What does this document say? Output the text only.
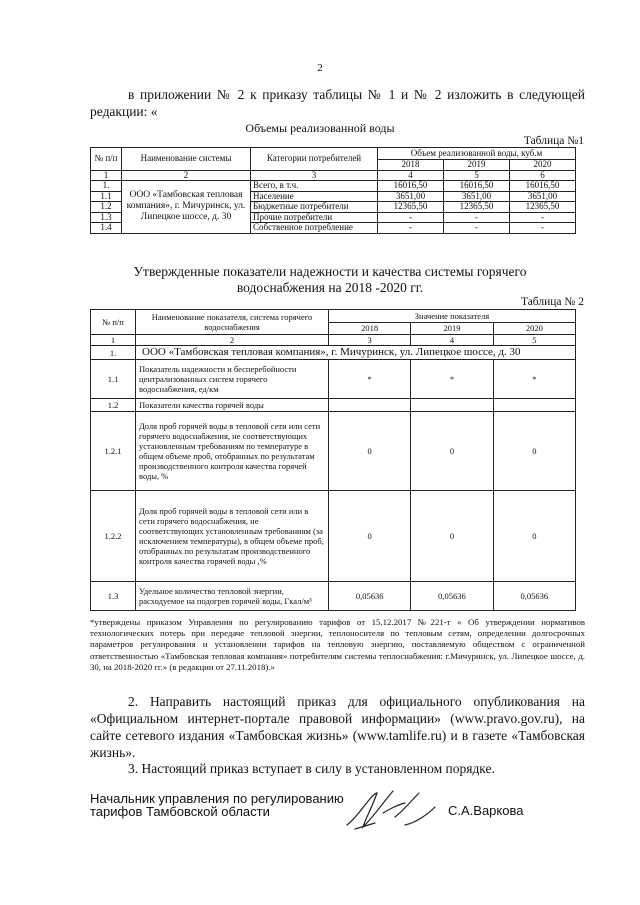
2
в приложении № 2 к приказу таблицы № 1 и № 2 изложить в следующей редакции: «
Объемы реализованной воды
Таблица №1
№ п/п	Наименование системы	Категории потребителей	Объем реализованной воды, куб.м		
			2018	2019	2020
1	2	3	4	5	6
1.	ООО «Тамбовская тепловая компания», г. Мичуринск, ул. Липецкое шоссе, д. 30	Всего, в т.ч.	16016,50	16016,50	16016,50
1.1		Население	3651,00	3651,00	3651,00
1.2		Бюджетные потребители	12365,50	12365,50	12365,50
1.3		Прочие потребители	-	-	-
1.4		Собственное потребление	-	-	-
Утвержденные показатели надежности и качества системы горячего водоснабжения на 2018 -2020 гг.
Таблица № 2
№ п/п	Наименование показателя, система горячего водоснабжения	Значение показателя		
		2018	2019	2020
1	2	3	4	5
1.	ООО «Тамбовская тепловая компания», г. Мичуринск, ул. Липецкое шоссе, д. 30			
1.1	Показатель надежности и бесперебойности централизованных систем горячего водоснабжения, ед/км	*	*	*
1.2	Показатели качества горячей воды			
1.2.1	Доля проб горячей воды в тепловой сети или сети горячего водоснабжения, не соответствующих установленным требованиям по температуре в общем объеме проб, отобранных по результатам производственного контроля качества горячей воды, %	0	0	0
1.2.2	Доля проб горячей воды в тепловой сети или в сети горячего водоснабжения, не соответствующих установленным требованиям (за исключением температуры), в общем объеме проб, отобранных по результатам производственного контроля качества горячей воды ,%	0	0	0
1.3	Удельное количество тепловой энергии, расходуемое на подогрев горячей воды, Гкал/м³	0,05636	0,05636	0,05636
*утверждены приказом Управления по регулированию тарифов от 15.12.2017 №221-т « Об утверждении нормативов технологических потерь при передаче тепловой энергии, теплоносителя по тепловым сетям, определении долгосрочных параметров регулирования и установлении тарифов на тепловую энергию, поставляемую обществом с ограниченной ответственностью «Тамбовская тепловая компания» потребителям системы теплоснабжения: г.Мичуринск, ул. Липецкое шоссе, д. 30, на 2018-2020 гг.» (в редакции от 27.11.2018).»
2. Направить настоящий приказ для официального опубликования на «Официальном интернет-портале правовой информации» (www.pravo.gov.ru), на сайте сетевого издания «Тамбовская жизнь» (www.tamlife.ru) и в газете «Тамбовская жизнь».
3. Настоящий приказ вступает в силу в установленном порядке.
Начальник управления по регулированию
тарифов Тамбовской области	С.А.Варкова
